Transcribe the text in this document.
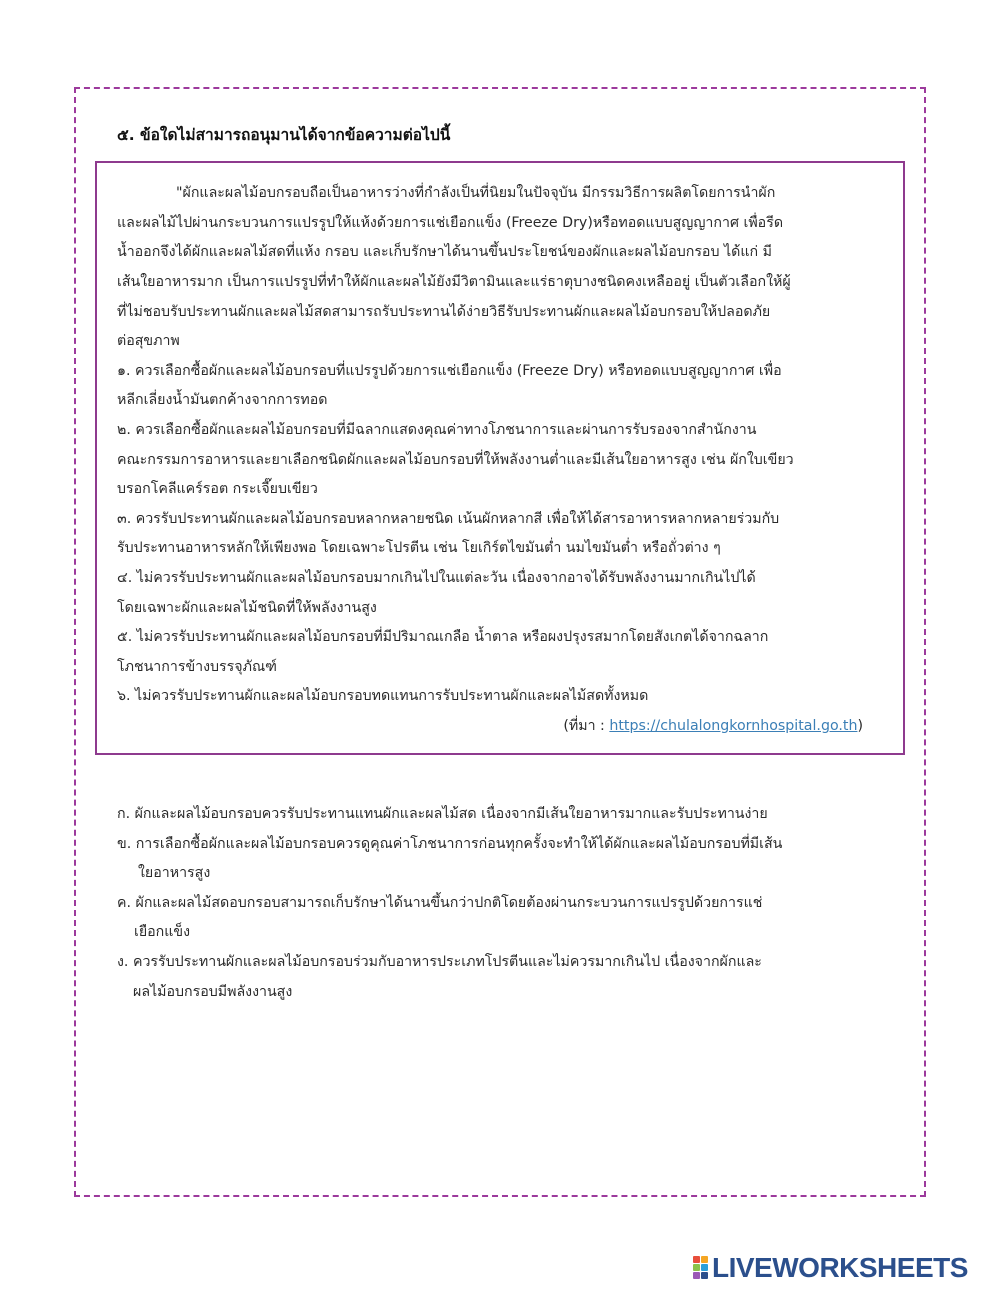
๕. ข้อใดไม่สามารถอนุมานได้จากข้อความต่อไปนี้
"ผักและผลไม้อบกรอบถือเป็นอาหารว่างที่กำลังเป็นที่นิยมในปัจจุบัน มีกรรมวิธีการผลิตโดยการนำผัก
และผลไม้ไปผ่านกระบวนการแปรรูปให้แห้งด้วยการแช่เยือกแข็ง (Freeze Dry)หรือทอดแบบสูญญากาศ เพื่อรีด
น้ำออกจึงได้ผักและผลไม้สดที่แห้ง กรอบ และเก็บรักษาได้นานขึ้นประโยชน์ของผักและผลไม้อบกรอบ ได้แก่ มี
เส้นใยอาหารมาก เป็นการแปรรูปที่ทำให้ผักและผลไม้ยังมีวิตามินและแร่ธาตุบางชนิดคงเหลืออยู่ เป็นตัวเลือกให้ผู้
ที่ไม่ชอบรับประทานผักและผลไม้สดสามารถรับประทานได้ง่ายวิธีรับประทานผักและผลไม้อบกรอบให้ปลอดภัย
ต่อสุขภาพ
๑. ควรเลือกซื้อผักและผลไม้อบกรอบที่แปรรูปด้วยการแช่เยือกแข็ง (Freeze Dry) หรือทอดแบบสูญญากาศ เพื่อ
หลีกเลี่ยงน้ำมันตกค้างจากการทอด
๒. ควรเลือกซื้อผักและผลไม้อบกรอบที่มีฉลากแสดงคุณค่าทางโภชนาการและผ่านการรับรองจากสำนักงาน
คณะกรรมการอาหารและยาเลือกชนิดผักและผลไม้อบกรอบที่ให้พลังงานต่ำและมีเส้นใยอาหารสูง เช่น ผักใบเขียว
บรอกโคลีแคร์รอต กระเจี๊ยบเขียว
๓. ควรรับประทานผักและผลไม้อบกรอบหลากหลายชนิด เน้นผักหลากสี เพื่อให้ได้สารอาหารหลากหลายร่วมกับ
รับประทานอาหารหลักให้เพียงพอ โดยเฉพาะโปรตีน เช่น โยเกิร์ตไขมันต่ำ นมไขมันต่ำ หรือถั่วต่าง ๆ
๔. ไม่ควรรับประทานผักและผลไม้อบกรอบมากเกินไปในแต่ละวัน เนื่องจากอาจได้รับพลังงานมากเกินไปได้
โดยเฉพาะผักและผลไม้ชนิดที่ให้พลังงานสูง
๕. ไม่ควรรับประทานผักและผลไม้อบกรอบที่มีปริมาณเกลือ น้ำตาล หรือผงปรุงรสมากโดยสังเกตได้จากฉลาก
โภชนาการข้างบรรจุภัณฑ์
๖. ไม่ควรรับประทานผักและผลไม้อบกรอบทดแทนการรับประทานผักและผลไม้สดทั้งหมด
(ที่มา : https://chulalongkornhospital.go.th)
ก. ผักและผลไม้อบกรอบควรรับประทานแทนผักและผลไม้สด เนื่องจากมีเส้นใยอาหารมากและรับประทานง่าย
ข. การเลือกซื้อผักและผลไม้อบกรอบควรดูคุณค่าโภชนาการก่อนทุกครั้งจะทำให้ได้ผักและผลไม้อบกรอบที่มีเส้น
ใยอาหารสูง
ค. ผักและผลไม้สดอบกรอบสามารถเก็บรักษาได้นานขึ้นกว่าปกติโดยต้องผ่านกระบวนการแปรรูปด้วยการแช่
เยือกแข็ง
ง. ควรรับประทานผักและผลไม้อบกรอบร่วมกับอาหารประเภทโปรตีนและไม่ควรมากเกินไป เนื่องจากผักและ
ผลไม้อบกรอบมีพลังงานสูง
LIVEWORKSHEETS
